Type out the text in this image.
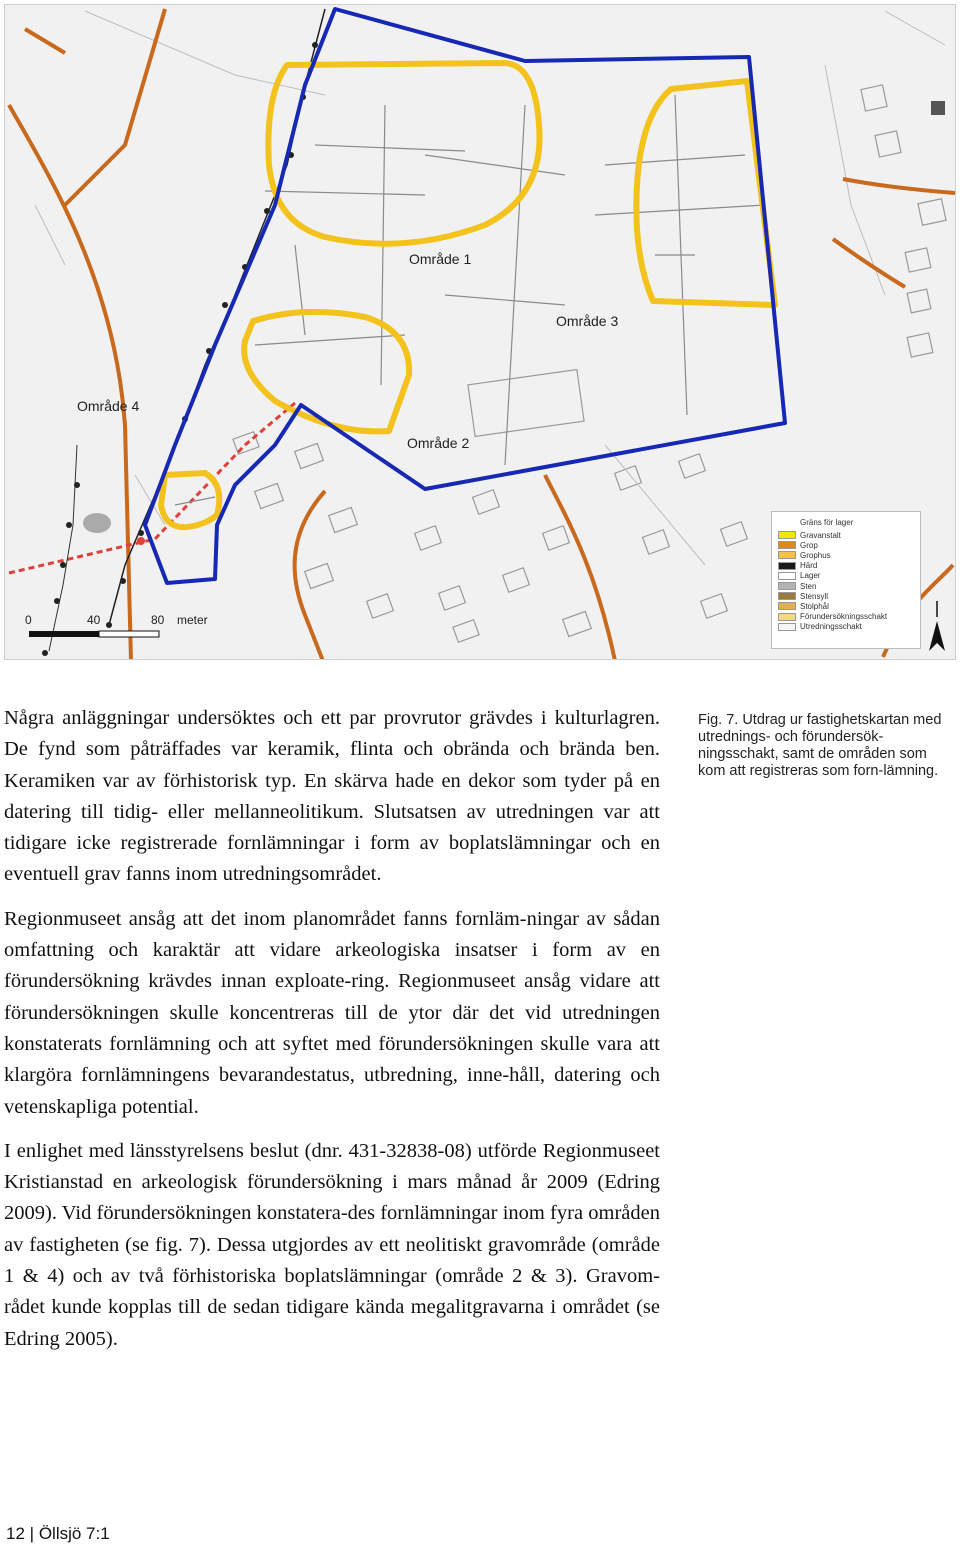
Område 1
Område 2
Område 3
Område 4
0	40	80 meter
Gräns för lager
Gravanstalt
Grop
Grophus
Härd
Lager
Sten
Stensyll
Stolphål
Förundersökningsschakt
Utredningsschakt
Fig. 7. Utdrag ur fastighetskartan med utrednings- och förundersök-ningsschakt, samt de områden som kom att registreras som forn-lämning.

Några anläggningar undersöktes och ett par provrutor grävdes i kulturlagren. De fynd som påträffades var keramik, flinta och obrända och brända ben. Keramiken var av förhistorisk typ. En skärva hade en dekor som tyder på en datering till tidig- eller mellanneolitikum. Slutsatsen av utredningen var att tidigare icke registrerade fornlämningar i form av boplatslämningar och en eventuell grav fanns inom utredningsområdet.

Regionmuseet ansåg att det inom planområdet fanns fornläm-ningar av sådan omfattning och karaktär att vidare arkeologiska insatser i form av en förundersökning krävdes innan exploate-ring. Regionmuseet ansåg vidare att förundersökningen skulle koncentreras till de ytor där det vid utredningen konstaterats fornlämning och att syftet med förundersökningen skulle vara att klargöra fornlämningens bevarandestatus, utbredning, inne-håll, datering och vetenskapliga potential.

I enlighet med länsstyrelsens beslut (dnr. 431-32838-08) utförde Regionmuseet Kristianstad en arkeologisk förundersökning i mars månad år 2009 (Edring 2009). Vid förundersökningen konstatera-des fornlämningar inom fyra områden av fastigheten (se fig. 7). Dessa utgjordes av ett neolitiskt gravområde (område 1 & 4) och av två förhistoriska boplatslämningar (område 2 & 3). Gravom-rådet kunde kopplas till de sedan tidigare kända megalitgravarna i området (se Edring 2005).

12 | Öllsjö 7:1
